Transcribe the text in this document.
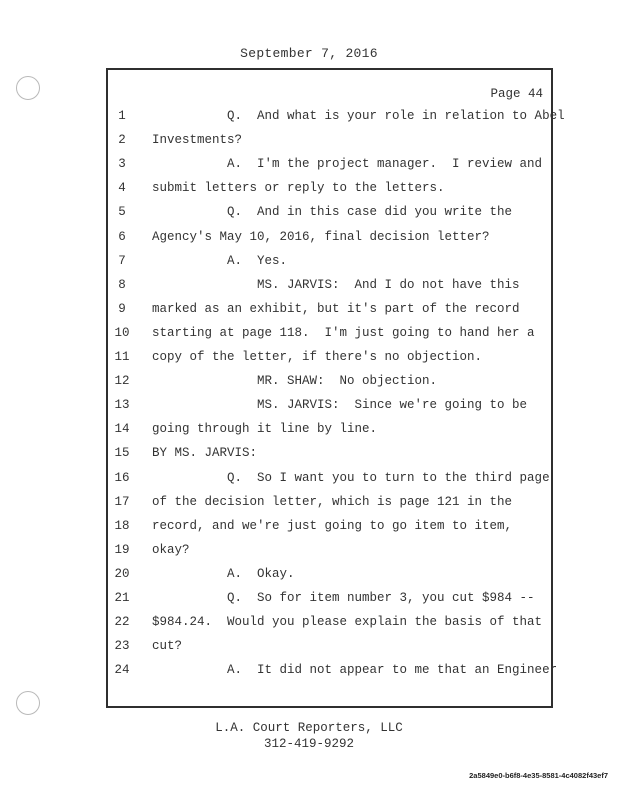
September 7, 2016
Page 44
1	Q.  And what is your role in relation to Abel
2	Investments?
3	A.  I'm the project manager.  I review and
4	submit letters or reply to the letters.
5	Q.  And in this case did you write the
6	Agency's May 10, 2016, final decision letter?
7	A.  Yes.
8	MS. JARVIS:  And I do not have this
9	marked as an exhibit, but it's part of the record
10	starting at page 118.  I'm just going to hand her a
11	copy of the letter, if there's no objection.
12	MR. SHAW:  No objection.
13	MS. JARVIS:  Since we're going to be
14	going through it line by line.
15	BY MS. JARVIS:
16	Q.  So I want you to turn to the third page
17	of the decision letter, which is page 121 in the
18	record, and we're just going to go item to item,
19	okay?
20	A.  Okay.
21	Q.  So for item number 3, you cut $984 --
22	$984.24.  Would you please explain the basis of that
23	cut?
24	A.  It did not appear to me that an Engineer
L.A. Court Reporters, LLC
312-419-9292
2a5849e0-b6f8-4e35-8581-4c4082f43ef7
